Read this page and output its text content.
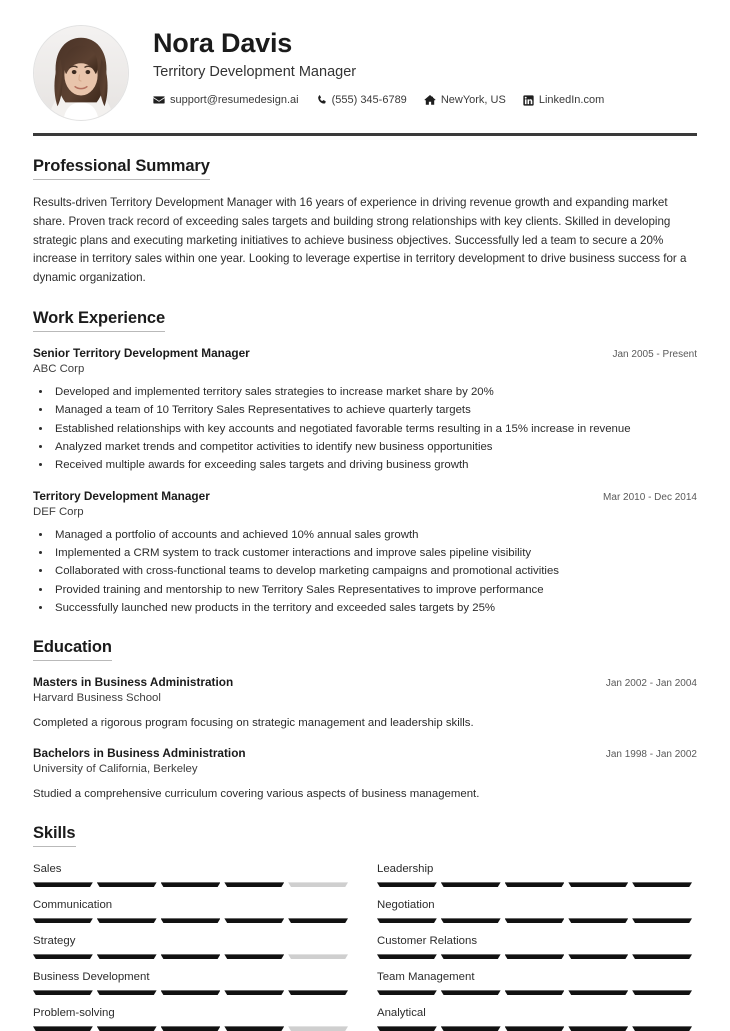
Nora Davis
Territory Development Manager
support@resumedesign.ai	(555) 345-6789	NewYork, US	LinkedIn.com
Professional Summary
Results-driven Territory Development Manager with 16 years of experience in driving revenue growth and expanding market share. Proven track record of exceeding sales targets and building strong relationships with key clients. Skilled in developing strategic plans and executing marketing initiatives to achieve business objectives. Successfully led a team to secure a 20% increase in territory sales within one year. Looking to leverage expertise in territory development to drive business success for a dynamic organization.
Work Experience
Senior Territory Development Manager	Jan 2005 - Present
ABC Corp
• Developed and implemented territory sales strategies to increase market share by 20%
• Managed a team of 10 Territory Sales Representatives to achieve quarterly targets
• Established relationships with key accounts and negotiated favorable terms resulting in a 15% increase in revenue
• Analyzed market trends and competitor activities to identify new business opportunities
• Received multiple awards for exceeding sales targets and driving business growth
Territory Development Manager	Mar 2010 - Dec 2014
DEF Corp
• Managed a portfolio of accounts and achieved 10% annual sales growth
• Implemented a CRM system to track customer interactions and improve sales pipeline visibility
• Collaborated with cross-functional teams to develop marketing campaigns and promotional activities
• Provided training and mentorship to new Territory Sales Representatives to improve performance
• Successfully launched new products in the territory and exceeded sales targets by 25%
Education
Masters in Business Administration	Jan 2002 - Jan 2004
Harvard Business School
Completed a rigorous program focusing on strategic management and leadership skills.
Bachelors in Business Administration	Jan 1998 - Jan 2002
University of California, Berkeley
Studied a comprehensive curriculum covering various aspects of business management.
Skills
Sales	Leadership
Communication	Negotiation
Strategy	Customer Relations
Business Development	Team Management
Problem-solving	Analytical
